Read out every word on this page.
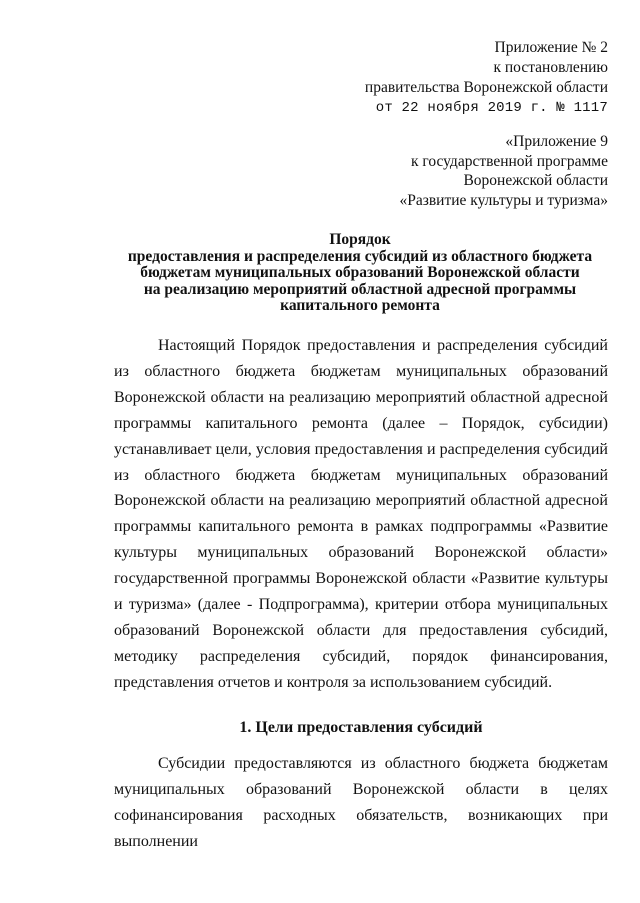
Приложение № 2
к постановлению
правительства Воронежской области
от 22 ноября 2019 г. № 1117
«Приложение 9
к государственной программе
Воронежской области
«Развитие культуры и туризма»
Порядок
предоставления и распределения субсидий из областного бюджета
бюджетам муниципальных образований Воронежской области
на реализацию мероприятий областной адресной программы
капитального ремонта
Настоящий Порядок предоставления и распределения субсидий из областного бюджета бюджетам муниципальных образований Воронежской области на реализацию мероприятий областной адресной программы капитального ремонта (далее – Порядок, субсидии) устанавливает цели, условия предоставления и распределения субсидий из областного бюджета бюджетам муниципальных образований Воронежской области на реализацию мероприятий областной адресной программы капитального ремонта в рамках подпрограммы «Развитие культуры муниципальных образований Воронежской области» государственной программы Воронежской области «Развитие культуры и туризма» (далее - Подпрограмма), критерии отбора муниципальных образований Воронежской области для предоставления субсидий, методику распределения субсидий, порядок финансирования, представления отчетов и контроля за использованием субсидий.
1. Цели предоставления субсидий
Субсидии предоставляются из областного бюджета бюджетам муниципальных образований Воронежской области в целях софинансирования расходных обязательств, возникающих при выполнении
